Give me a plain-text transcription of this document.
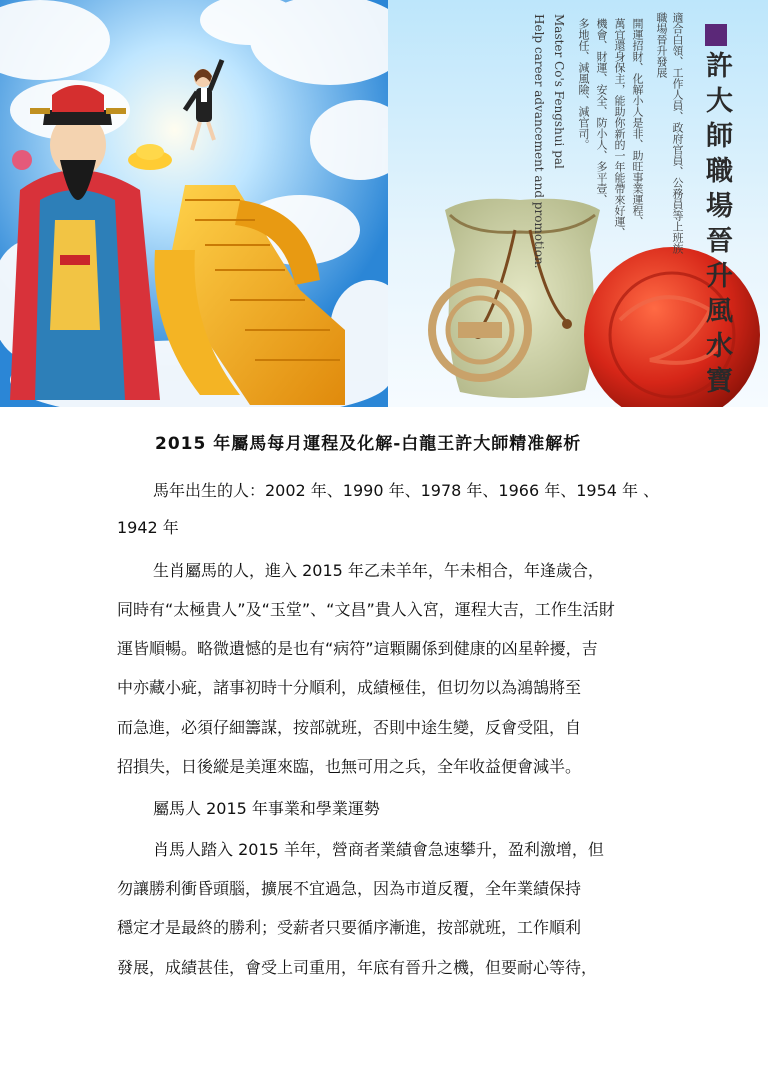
許大師職場晉升風水寶
適合白領、工作人員、政府官員、公務員等上班族
職場晉升發展
開運招財、化解小人是非、助旺事業運程、
萬宜還身保主，能助你新的一年能帶來好運、
機會、財運、安全、防小人、多平壹、
多地任、減風險、減官司。
Master Co's Fengshui pal
Help career advancement and promotion.
2015 年屬馬每月運程及化解-白龍王許大師精准解析
馬年出生的人：2002 年、1990 年、1978 年、1966 年、1954 年 、
1942 年
生肖屬馬的人，進入 2015 年乙未羊年，午未相合，年逢歲合，
同時有“太極貴人”及“玉堂”、“文昌”貴人入宮，運程大吉，工作生活財
運皆順暢。略微遺憾的是也有“病符”這顆關係到健康的凶星幹擾，吉
中亦藏小疵，諸事初時十分順利，成績極佳，但切勿以為鴻鵠將至
而急進，必須仔細籌謀，按部就班，否則中途生變，反會受阻，自
招損失，日後縱是美運來臨，也無可用之兵，全年收益便會減半。
屬馬人 2015 年事業和學業運勢
肖馬人踏入 2015 羊年，營商者業績會急速攀升，盈利激增，但
勿讓勝利衝昏頭腦，擴展不宜過急，因為市道反覆，全年業績保持
穩定才是最終的勝利；受薪者只要循序漸進，按部就班，工作順利
發展，成績甚佳，會受上司重用，年底有晉升之機，但要耐心等待，
